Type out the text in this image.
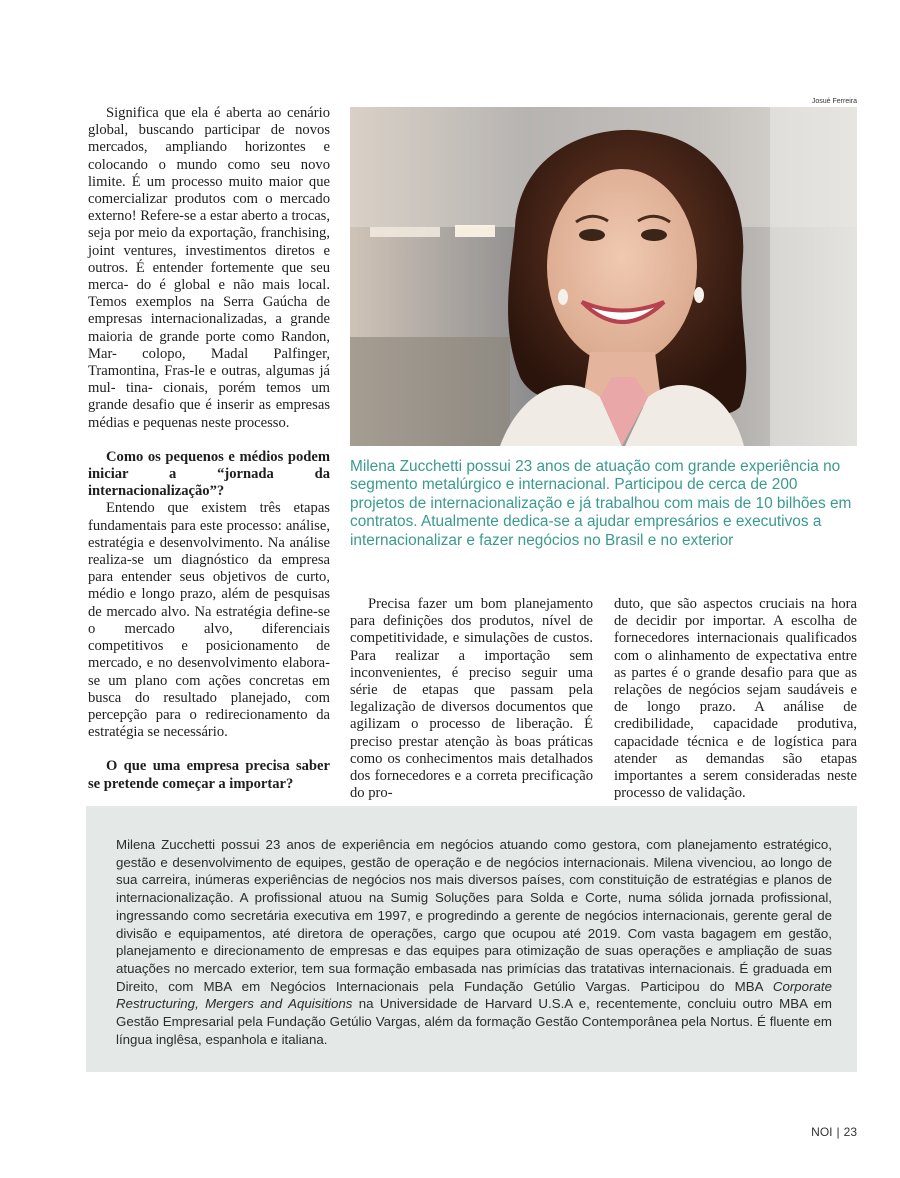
Significa que ela é aberta ao cenário global, buscando participar de novos mercados, ampliando horizontes e colocando o mundo como seu novo limite. É um processo muito maior que comercializar produtos com o mercado externo! Refere-se a estar aberto a trocas, seja por meio da exportação, franchising, joint ventures, investimentos diretos e outros. É entender fortemente que seu merca- do é global e não mais local. Temos exemplos na Serra Gaúcha de empresas internacionalizadas, a grande maioria de grande porte como Randon, Mar- colopo, Madal Palfinger, Tramontina, Fras-le e outras, algumas já mul- tina- cionais, porém temos um grande desafio que é inserir as empresas médias e pequenas neste processo.

Como os pequenos e médios podem iniciar a “jornada da internacionalização”?

Entendo que existem três etapas fundamentais para este processo: análise, estratégia e desenvolvimento. Na análise realiza-se um diagnóstico da empresa para entender seus objetivos de curto, médio e longo prazo, além de pesquisas de mercado alvo. Na estratégia define-se o mercado alvo, diferenciais competitivos e posicionamento de mercado, e no desenvolvimento elabora-se um plano com ações concretas em busca do resultado planejado, com percepção para o redirecionamento da estratégia se necessário.

O que uma empresa precisa saber se pretende começar a importar?

Josué Ferreira
Milena Zucchetti possui 23 anos de atuação com grande experiência no segmento metalúrgico e internacional. Participou de cerca de 200 projetos de internacionalização e já trabalhou com mais de 10 bilhões em contratos. Atualmente dedica-se a ajudar empresários e executivos a internacionalizar e fazer negócios no Brasil e no exterior

Precisa fazer um bom planejamento para definições dos produtos, nível de competitividade, e simulações de custos. Para realizar a importação sem inconvenientes, é preciso seguir uma série de etapas que passam pela legalização de diversos documentos que agilizam o processo de liberação. É preciso prestar atenção às boas práticas como os conhecimentos mais detalhados dos fornecedores e a correta precificação do pro-

duto, que são aspectos cruciais na hora de decidir por importar. A escolha de fornecedores internacionais qualificados com o alinhamento de expectativa entre as partes é o grande desafio para que as relações de negócios sejam saudáveis e de longo prazo. A análise de credibilidade, capacidade produtiva, capacidade técnica e de logística para atender as demandas são etapas importantes a serem consideradas neste processo de validação.

Milena Zucchetti possui 23 anos de experiência em negócios atuando como gestora, com planejamento estratégico, gestão e desenvolvimento de equipes, gestão de operação e de negócios internacionais. Milena vivenciou, ao longo de sua carreira, inúmeras experiências de negócios nos mais diversos países, com constituição de estratégias e planos de internacionalização. A profissional atuou na Sumig Soluções para Solda e Corte, numa sólida jornada profissional, ingressando como secretária executiva em 1997, e progredindo a gerente de negócios internacionais, gerente geral de divisão e equipamentos, até diretora de operações, cargo que ocupou até 2019. Com vasta bagagem em gestão, planejamento e direcionamento de empresas e das equipes para otimização de suas operações e ampliação de suas atuações no mercado exterior, tem sua formação embasada nas primícias das tratativas internacionais. É graduada em Direito, com MBA em Negócios Internacionais pela Fundação Getúlio Vargas. Participou do MBA Corporate Restructuring, Mergers and Aquisitions na Universidade de Harvard U.S.A e, recentemente, concluiu outro MBA em Gestão Empresarial pela Fundação Getúlio Vargas, além da formação Gestão Contemporânea pela Nortus. É fluente em língua inglêsa, espanhola e italiana.
NOI | 23
